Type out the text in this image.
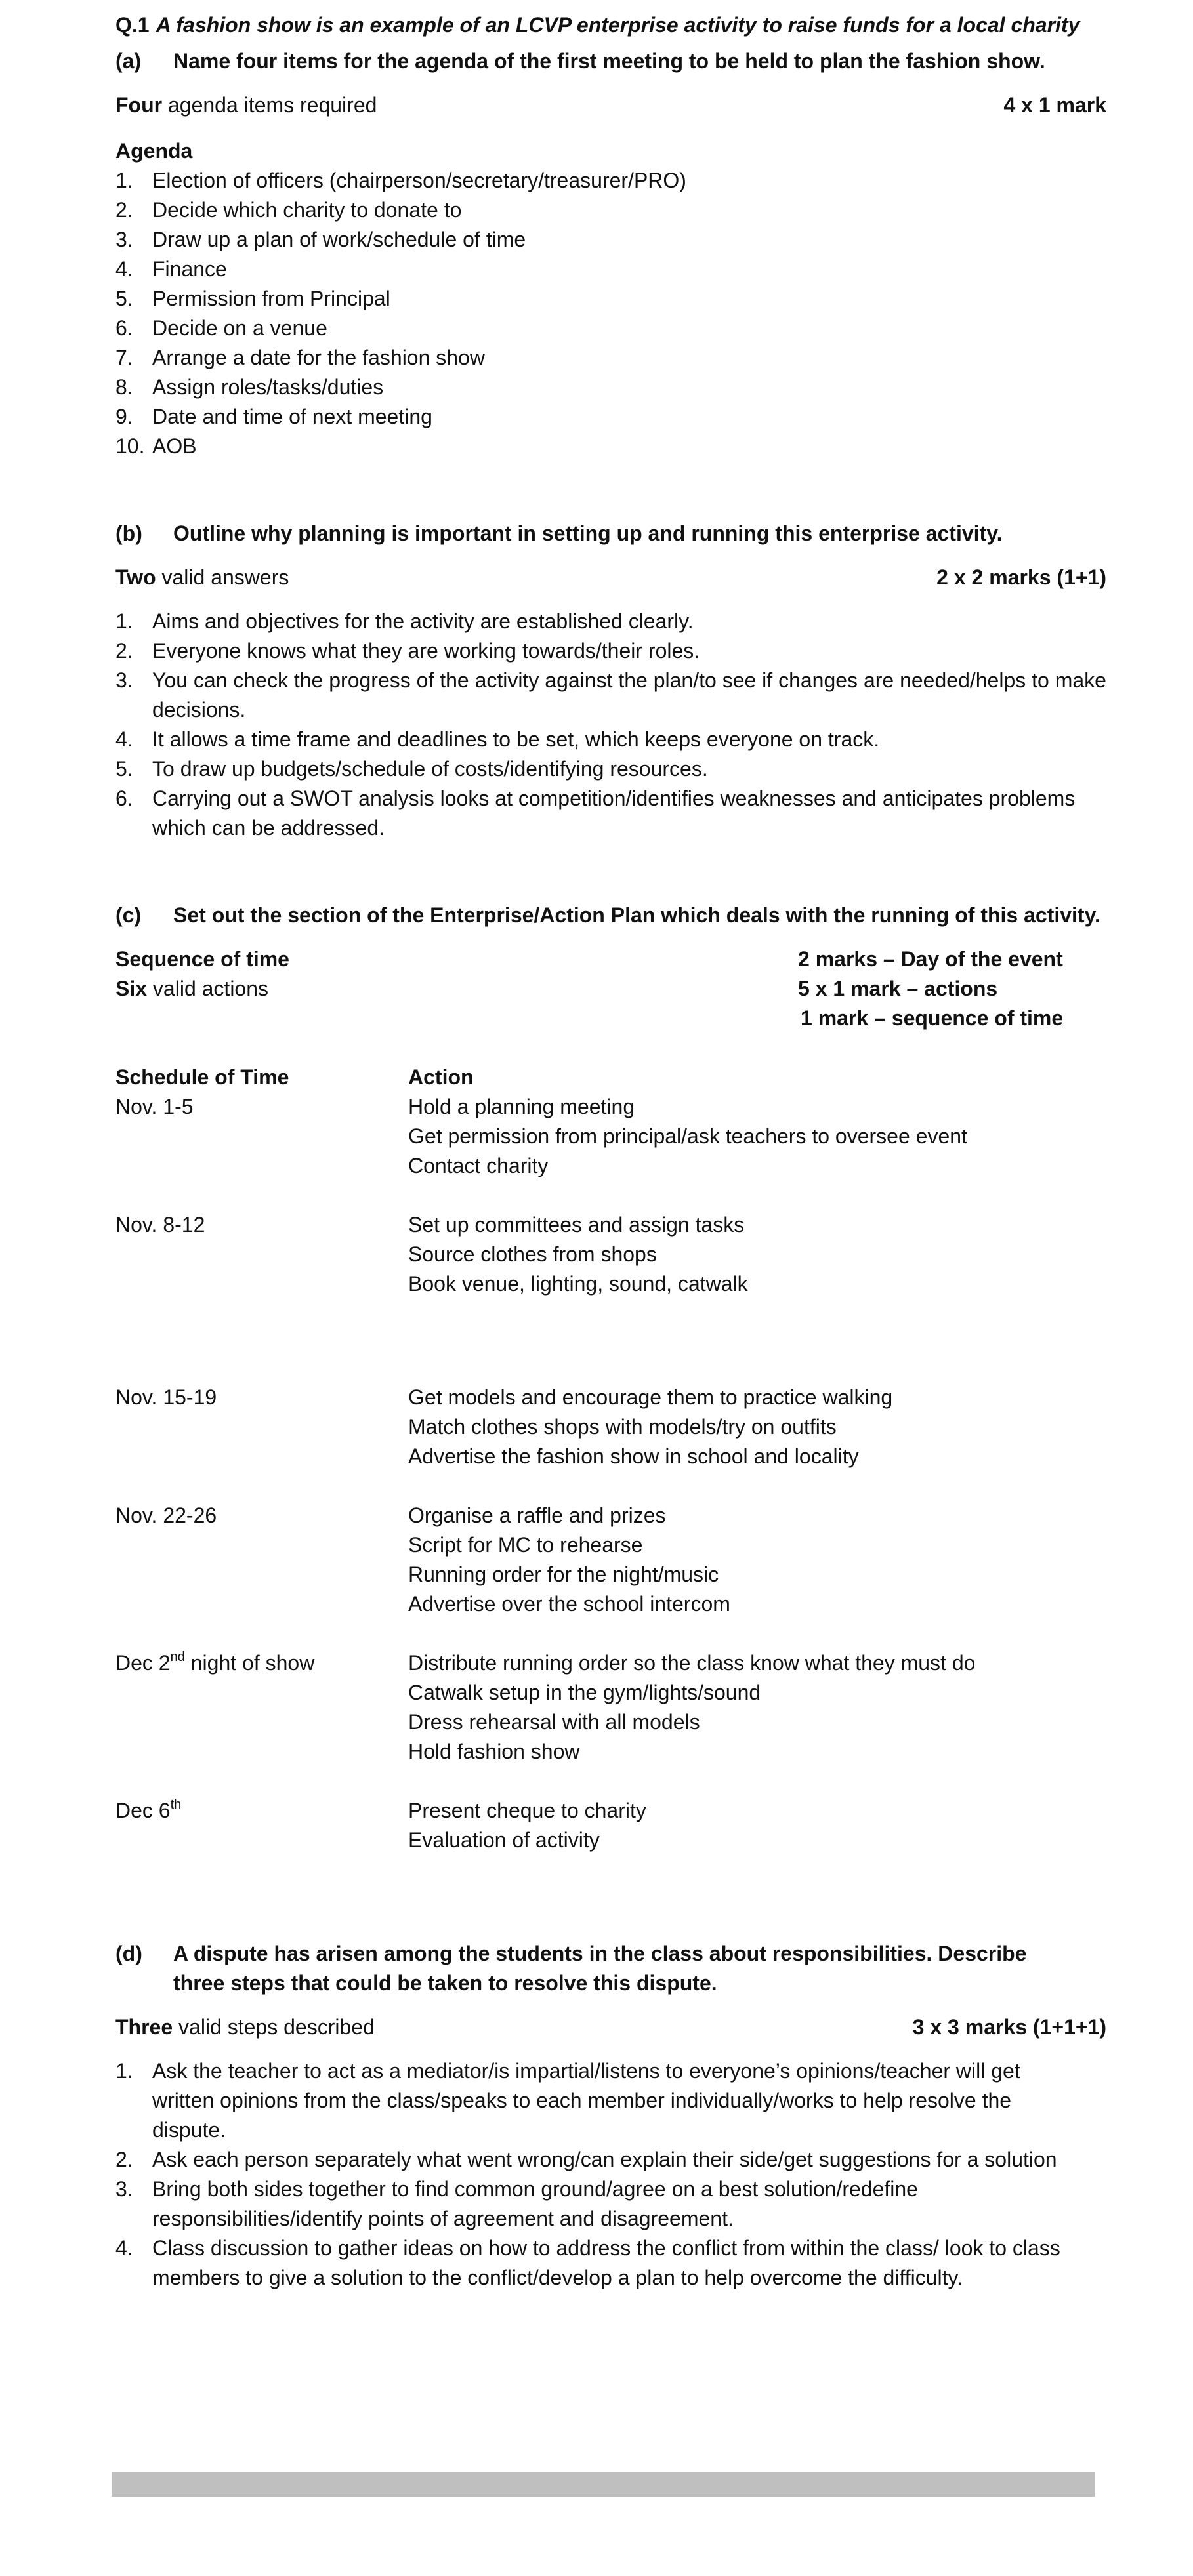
Q.1 A fashion show is an example of an LCVP enterprise activity to raise funds for a local charity

(a)	Name four items for the agenda of the first meeting to be held to plan the fashion show.
Four agenda items required	4 x 1 mark

Agenda

1. Election of officers (chairperson/secretary/treasurer/PRO)
2. Decide which charity to donate to
3. Draw up a plan of work/schedule of time
4. Finance
5. Permission from Principal
6. Decide on a venue
7. Arrange a date for the fashion show
8. Assign roles/tasks/duties
9. Date and time of next meeting
10. AOB
(b)	Outline why planning is important in setting up and running this enterprise activity.
Two valid answers	2 x 2 marks (1+1)
1. Aims and objectives for the activity are established clearly.
2. Everyone knows what they are working towards/their roles.
3. You can check the progress of the activity against the plan/to see if changes are needed/helps to make decisions.
4. It allows a time frame and deadlines to be set, which keeps everyone on track.
5. To draw up budgets/schedule of costs/identifying resources.
6. Carrying out a SWOT analysis looks at competition/identifies weaknesses and anticipates problems which can be addressed.
(c)	Set out the section of the Enterprise/Action Plan which deals with the running of this activity.
Sequence of time
Six valid actions
2 marks – Day of the event
5 x 1 mark – actions
1 mark – sequence of time
Schedule of Time	Action
Nov. 1-5	Hold a planning meeting
Get permission from principal/ask teachers to oversee event
Contact charity
Nov. 8-12	Set up committees and assign tasks
Source clothes from shops
Book venue, lighting, sound, catwalk
Nov. 15-19	Get models and encourage them to practice walking
Match clothes shops with models/try on outfits
Advertise the fashion show in school and locality
Nov. 22-26	Organise a raffle and prizes
Script for MC to rehearse
Running order for the night/music
Advertise over the school intercom
Dec 2nd night of show	Distribute running order so the class know what they must do
Catwalk setup in the gym/lights/sound
Dress rehearsal with all models
Hold fashion show
Dec 6th	Present cheque to charity
Evaluation of activity
(d)	A dispute has arisen among the students in the class about responsibilities. Describe three steps that could be taken to resolve this dispute.
Three valid steps described	3 x 3 marks (1+1+1)
1. Ask the teacher to act as a mediator/is impartial/listens to everyone’s opinions/teacher will get written opinions from the class/speaks to each member individually/works to help resolve the dispute.
2. Ask each person separately what went wrong/can explain their side/get suggestions for a solution
3. Bring both sides together to find common ground/agree on a best solution/redefine responsibilities/identify points of agreement and disagreement.
4. Class discussion to gather ideas on how to address the conflict from within the class/ look to class members to give a solution to the conflict/develop a plan to help overcome the difficulty.
